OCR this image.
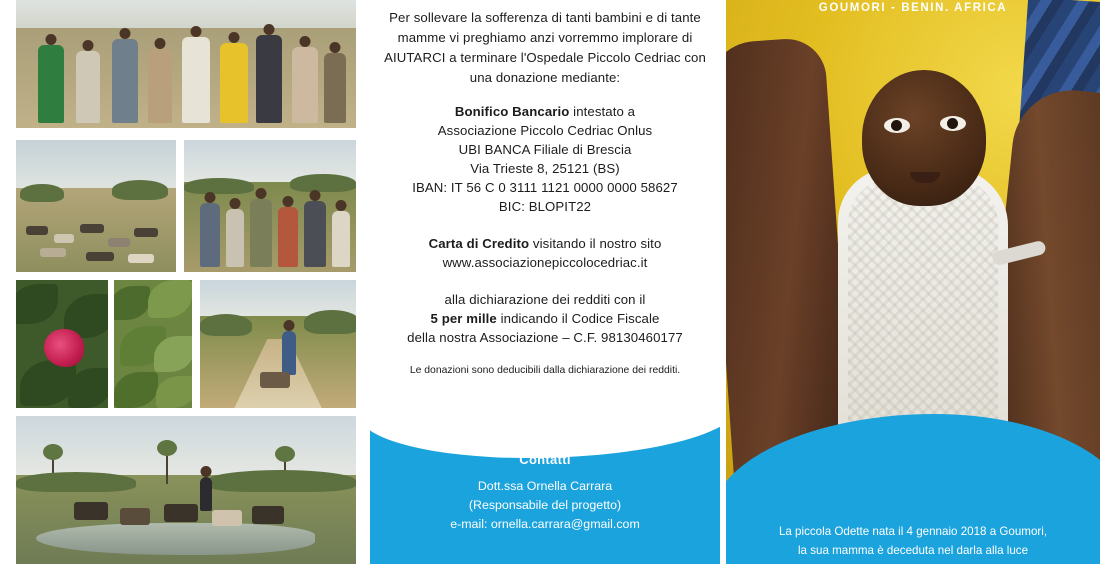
Per sollevare la sofferenza di tanti bambini e di tante mamme vi preghiamo anzi vorremmo implorare di AIUTARCI a terminare l'Ospedale Piccolo Cedriac con una donazione mediante:

Bonifico Bancario intestato a
Associazione Piccolo Cedriac Onlus
UBI BANCA Filiale di Brescia
Via Trieste 8, 25121 (BS)
IBAN: IT 56 C 0 3111 1121 0000 0000 58627
BIC: BLOPIT22

Carta di Credito visitando il nostro sito
www.associazionepiccolocedriac.it

alla dichiarazione dei redditi con il
5 per mille indicando il Codice Fiscale
della nostra Associazione – C.F. 98130460177

Le donazioni sono deducibili dalla dichiarazione dei redditi.

Contatti
Dott.ssa Ornella Carrara
(Responsabile del progetto)
e-mail: ornella.carrara@gmail.com
GOUMORI - BENIN. AFRICA
La piccola Odette nata il 4 gennaio 2018 a Goumori,
la sua mamma è deceduta nel darla alla luce
